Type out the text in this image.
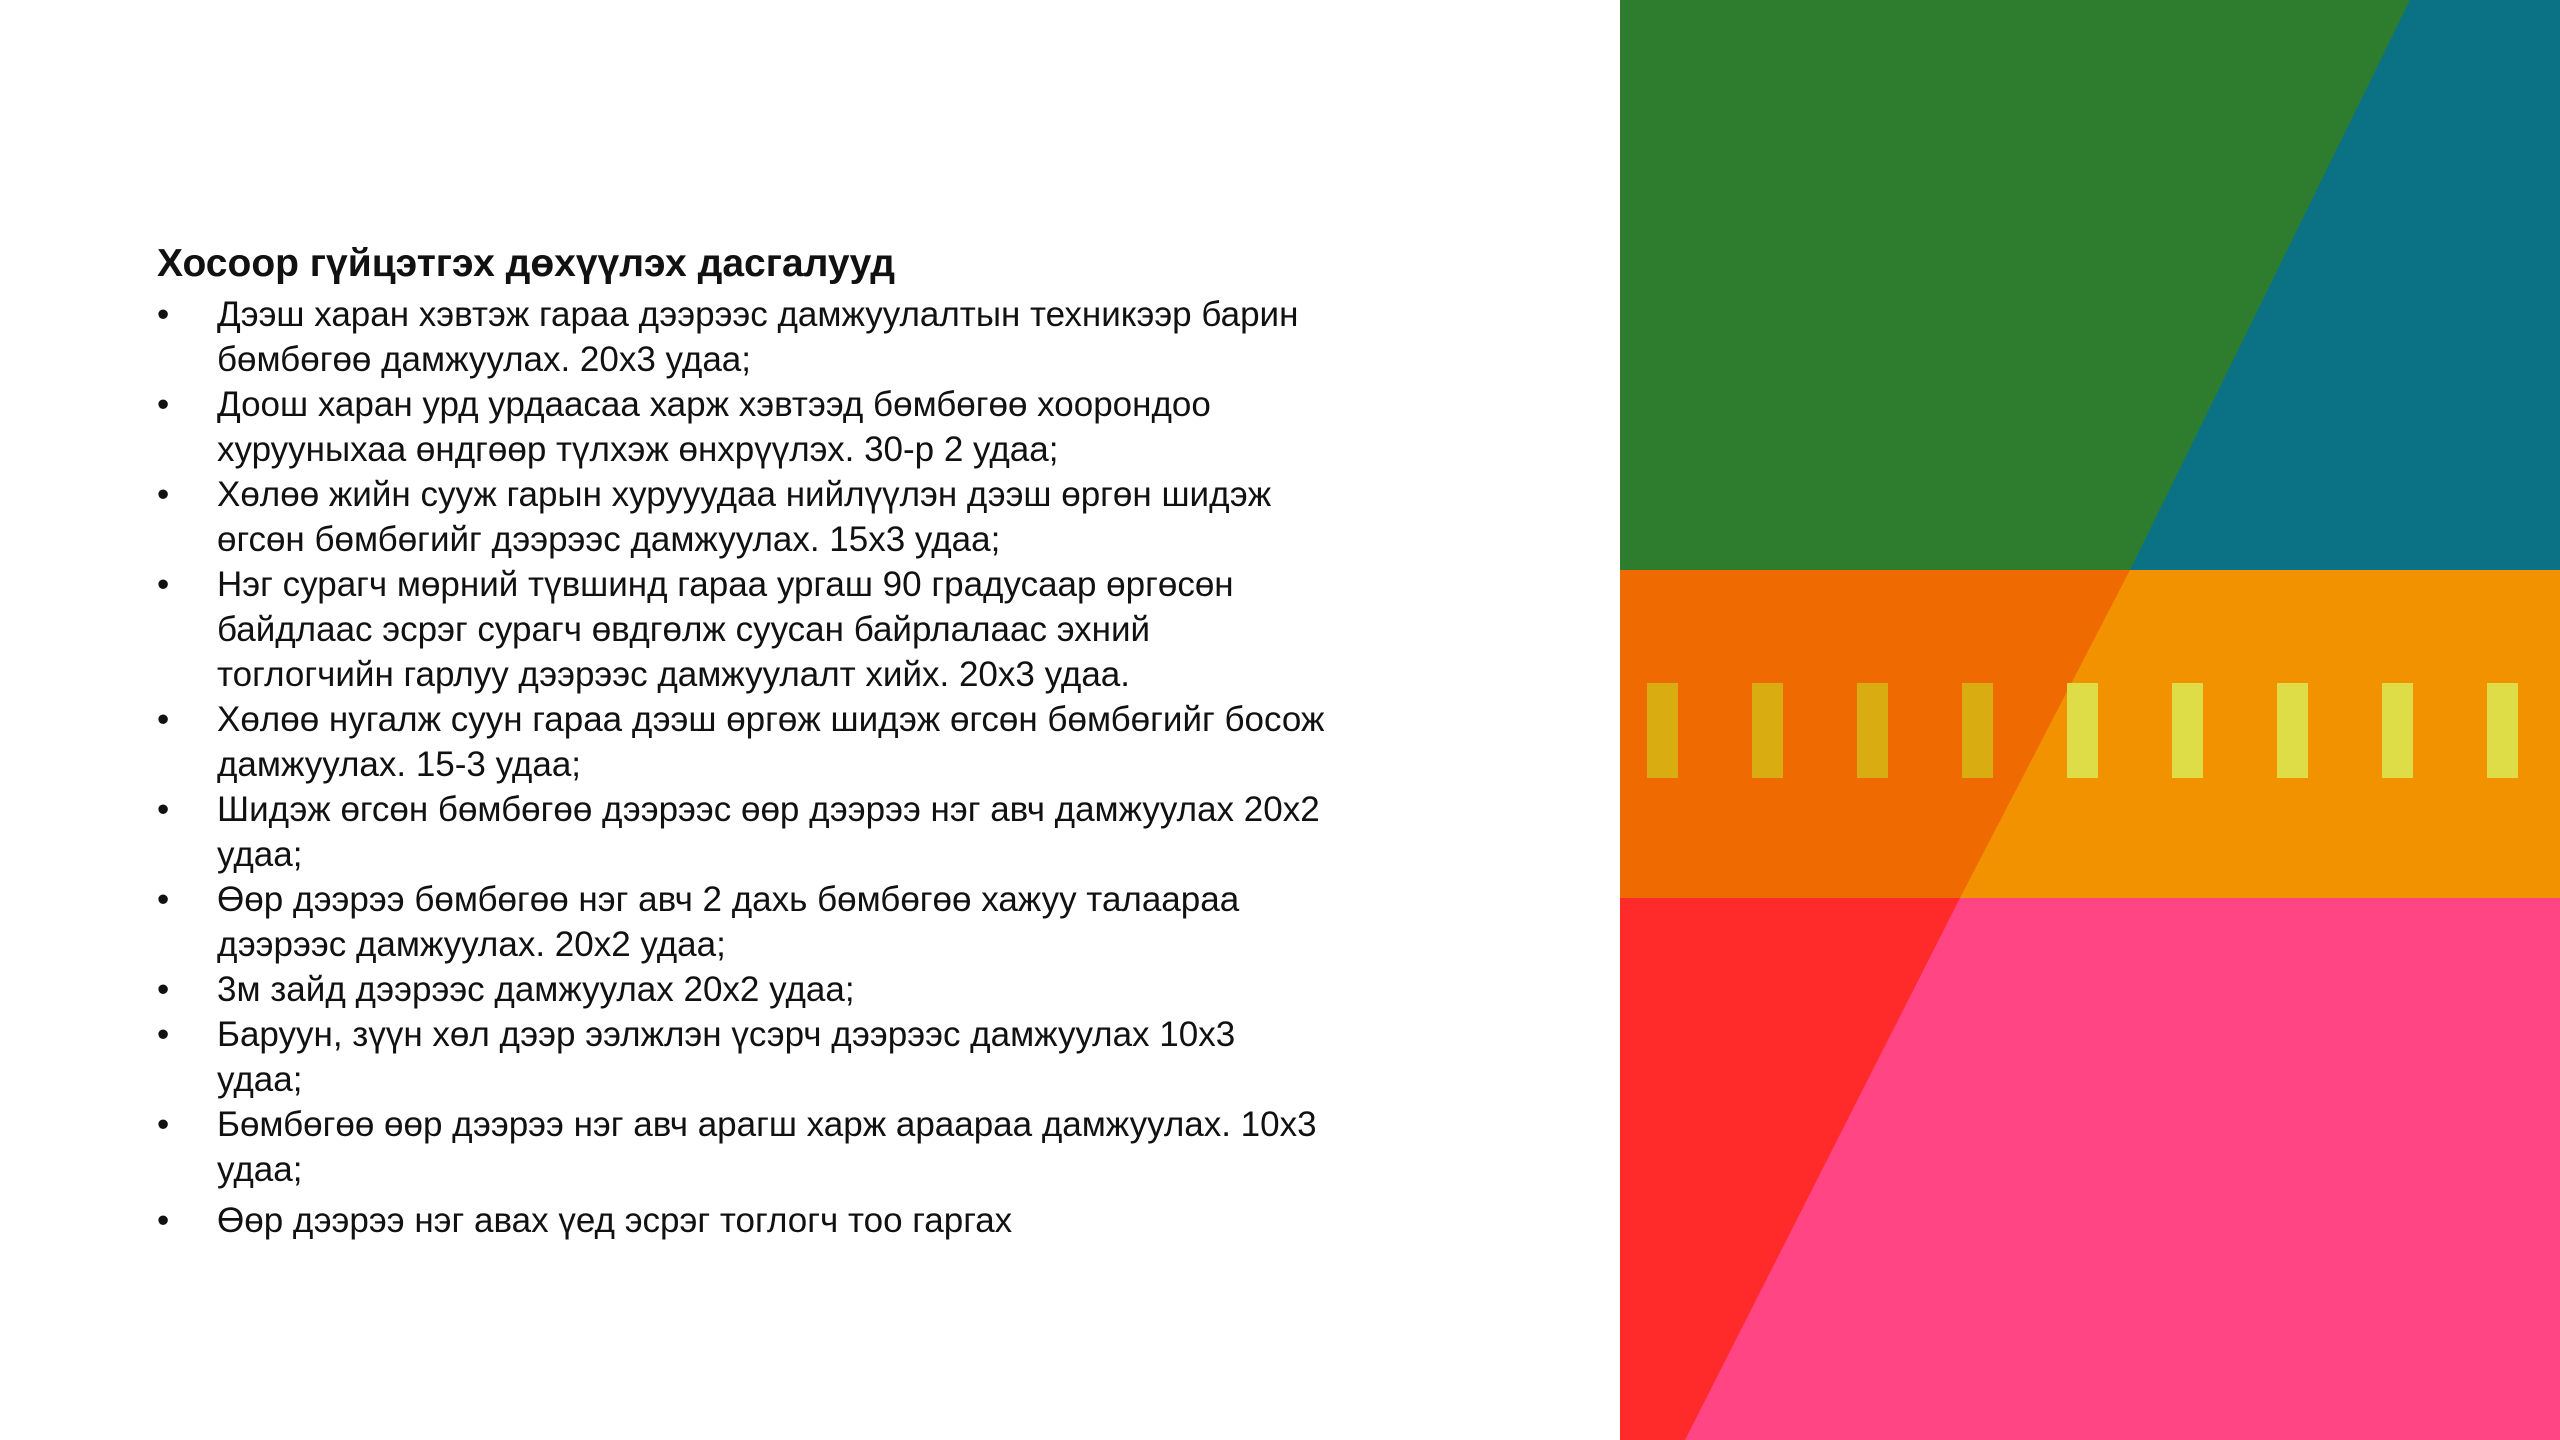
Хосоор гүйцэтгэх дөхүүлэх дасгалууд
• Дээш харан хэвтэж гараа дээрээс дамжуулалтын техникээр барин
бөмбөгөө дамжуулах. 20х3 удаа;
• Доош харан урд урдаасаа харж хэвтээд бөмбөгөө хоорондоо
хурууныхаа өндгөөр түлхэж өнхрүүлэх. 30-р 2 удаа;
• Хөлөө жийн сууж гарын хурууудаа нийлүүлэн дээш өргөн шидэж
өгсөн бөмбөгийг дээрээс дамжуулах. 15х3 удаа;
• Нэг сурагч мөрний түвшинд гараа ургаш 90 градусаар өргөсөн
байдлаас эсрэг сурагч өвдгөлж суусан байрлалаас эхний
тоглогчийн гарлуу дээрээс дамжуулалт хийх. 20х3 удаа.
• Хөлөө нугалж суун гараа дээш өргөж шидэж өгсөн бөмбөгийг босож
дамжуулах. 15-3 удаа;
• Шидэж өгсөн бөмбөгөө дээрээс өөр дээрээ нэг авч дамжуулах 20х2
удаа;
• Өөр дээрээ бөмбөгөө нэг авч 2 дахь бөмбөгөө хажуу талаараа
дээрээс дамжуулах. 20х2 удаа;
• 3м зайд дээрээс дамжуулах 20х2 удаа;
• Баруун, зүүн хөл дээр ээлжлэн үсэрч дээрээс дамжуулах 10х3
удаа;
• Бөмбөгөө өөр дээрээ нэг авч арагш харж араараа дамжуулах. 10х3
удаа;
• Өөр дээрээ нэг авах үед эсрэг тоглогч тоо гаргах
